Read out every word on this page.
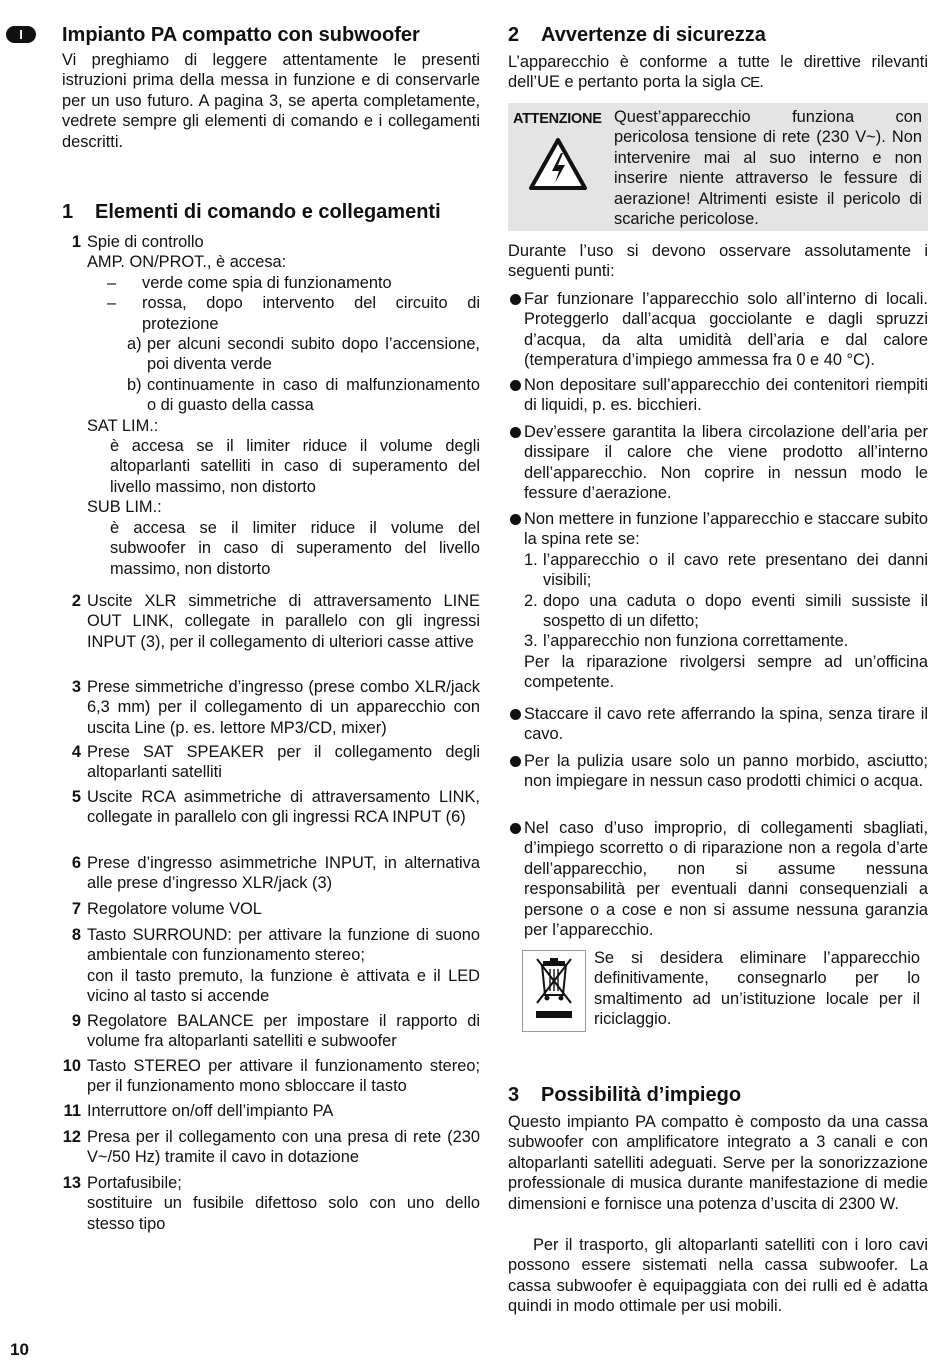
I	Impianto PA compatto con subwoofer

Vi preghiamo di leggere attentamente le presenti istruzioni prima della messa in funzione e di conservarle per un uso futuro. A pagina 3, se aperta completamente, vedrete sempre gli elementi di comando e i collegamenti descritti.

1 Elementi di comando e collegamenti
1 Spie di controllo
AMP. ON/PROT., è accesa:
– verde come spia di funzionamento
– rossa, dopo intervento del circuito di protezione
a) per alcuni secondi subito dopo l’accensione, poi diventa verde
b) continuamente in caso di malfunzionamento o di guasto della cassa
SAT LIM.:
è accesa se il limiter riduce il volume degli altoparlanti satelliti in caso di superamento del livello massimo, non distorto
SUB LIM.:
è accesa se il limiter riduce il volume del subwoofer in caso di superamento del livello massimo, non distorto
2 Uscite XLR simmetriche di attraversamento LINE OUT LINK, collegate in parallelo con gli ingressi INPUT (3), per il collegamento di ulteriori casse attive
3 Prese simmetriche d’ingresso (prese combo XLR/jack 6,3 mm) per il collegamento di un apparecchio con uscita Line (p. es. lettore MP3/CD, mixer)
4 Prese SAT SPEAKER per il collegamento degli altoparlanti satelliti
5 Uscite RCA asimmetriche di attraversamento LINK, collegate in parallelo con gli ingressi RCA INPUT (6)
6 Prese d’ingresso asimmetriche INPUT, in alternativa alle prese d’ingresso XLR/jack (3)
7 Regolatore volume VOL
8 Tasto SURROUND: per attivare la funzione di suono ambientale con funzionamento stereo;
con il tasto premuto, la funzione è attivata e il LED vicino al tasto si accende
9 Regolatore BALANCE per impostare il rapporto di volume fra altoparlanti satelliti e subwoofer
10 Tasto STEREO per attivare il funzionamento stereo; per il funzionamento mono sbloccare il tasto
11 Interruttore on/off dell’impianto PA
12 Presa per il collegamento con una presa di rete (230 V~/50 Hz) tramite il cavo in dotazione
13 Portafusibile;
sostituire un fusibile difettoso solo con uno dello stesso tipo
2 Avvertenze di sicurezza

L’apparecchio è conforme a tutte le direttive rilevanti dell’UE e pertanto porta la sigla CE.

ATTENZIONE Quest’apparecchio funziona con pericolosa tensione di rete (230 V~). Non intervenire mai al suo interno e non inserire niente attraverso le fessure di aerazione! Altrimenti esiste il pericolo di scariche pericolose.

Durante l’uso si devono osservare assolutamente i seguenti punti:

Far funzionare l’apparecchio solo all’interno di locali. Proteggerlo dall’acqua gocciolante e dagli spruzzi d’acqua, da alta umidità dell’aria e dal calore (temperatura d’impiego ammessa fra 0 e 40 °C).
Non depositare sull’apparecchio dei contenitori riempiti di liquidi, p. es. bicchieri.
Dev’essere garantita la libera circolazione dell’aria per dissipare il calore che viene prodotto all’interno dell’apparecchio. Non coprire in nessun modo le fessure d’aerazione.
Non mettere in funzione l’apparecchio e staccare subito la spina rete se:
1. l’apparecchio o il cavo rete presentano dei danni visibili;
2. dopo una caduta o dopo eventi simili sussiste il sospetto di un difetto;
3. l’apparecchio non funziona correttamente.
Per la riparazione rivolgersi sempre ad un’officina competente.
Staccare il cavo rete afferrando la spina, senza tirare il cavo.
Per la pulizia usare solo un panno morbido, asciutto; non impiegare in nessun caso prodotti chimici o acqua.
Nel caso d’uso improprio, di collegamenti sbagliati, d’impiego scorretto o di riparazione non a regola d’arte dell’apparecchio, non si assume nessuna responsabilità per eventuali danni consequenziali a persone o a cose e non si assume nessuna garanzia per l’apparecchio.
Se si desidera eliminare l’apparecchio definitivamente, consegnarlo per lo smaltimento ad un’istituzione locale per il riciclaggio.
3 Possibilità d’impiego

Questo impianto PA compatto è composto da una cassa subwoofer con amplificatore integrato a 3 canali e con altoparlanti satelliti adeguati. Serve per la sonorizzazione professionale di musica durante manifestazione di medie dimensioni e fornisce una potenza d’uscita di 2300 W.

Per il trasporto, gli altoparlanti satelliti con i loro cavi possono essere sistemati nella cassa subwoofer. La cassa subwoofer è equipaggiata con dei rulli ed è adatta quindi in modo ottimale per usi mobili.

10
